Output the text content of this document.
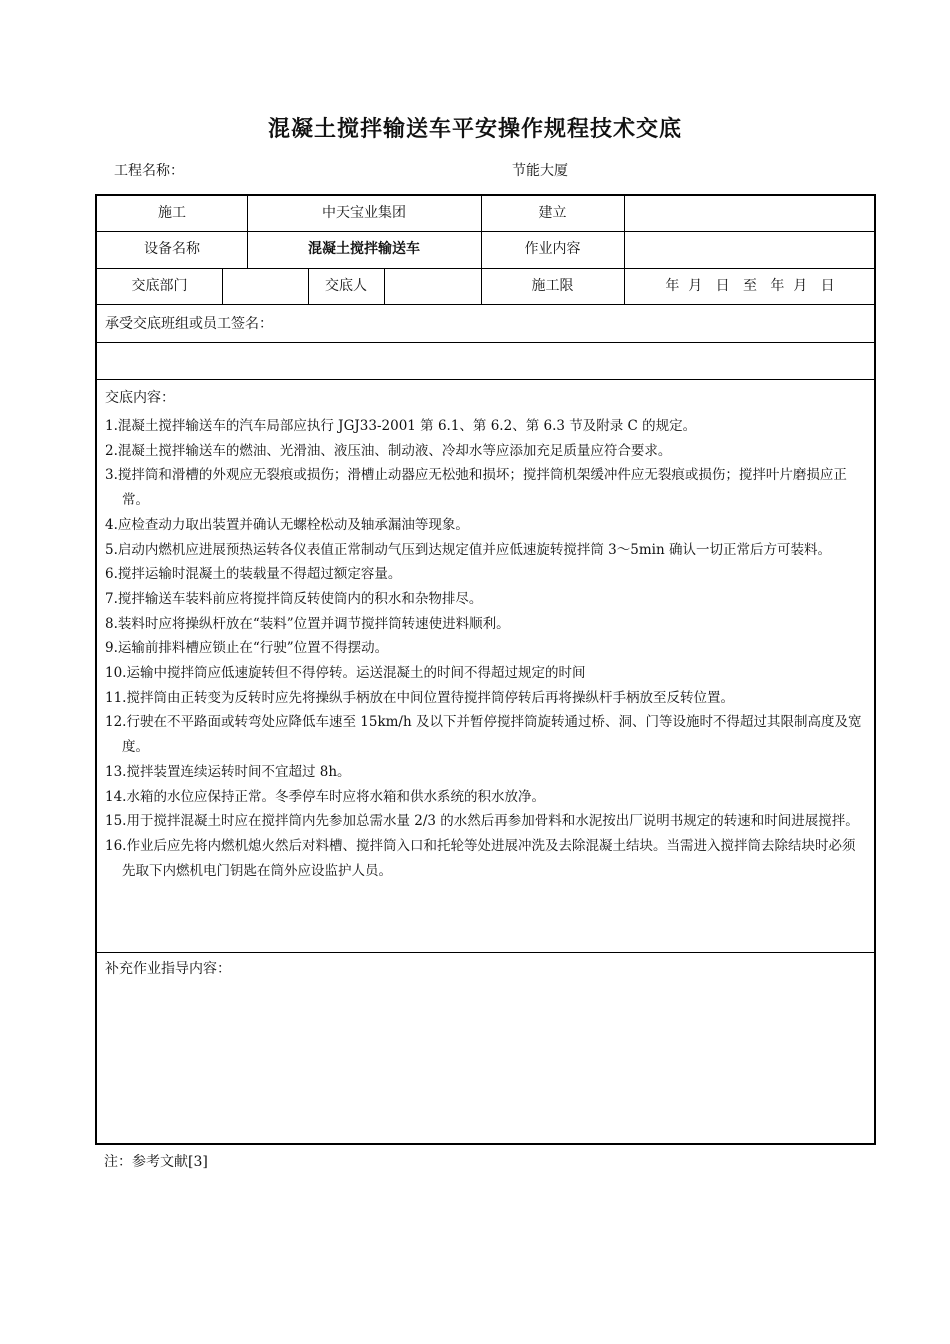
混凝土搅拌输送车平安操作规程技术交底
工程名称：	节能大厦
施工	中天宝业集团	建立
设备名称	混凝土搅拌输送车	作业内容
交底部门	交底人	施工限	年  月   日   至   年  月   日
承受交底班组或员工签名：
交底内容：
1.混凝土搅拌输送车的汽车局部应执行 JGJ33-2001 第 6.1、第 6.2、第 6.3 节及附录 C 的规定。
2.混凝土搅拌输送车的燃油、光滑油、液压油、制动液、冷却水等应添加充足质量应符合要求。
3.搅拌筒和滑槽的外观应无裂痕或损伤；滑槽止动器应无松弛和损坏；搅拌筒机架缓冲件应无裂痕或损伤；搅拌叶片磨损应正常。
4.应检查动力取出装置并确认无螺栓松动及轴承漏油等现象。
5.启动内燃机应进展预热运转各仪表值正常制动气压到达规定值并应低速旋转搅拌筒 3～5min 确认一切正常后方可装料。
6.搅拌运输时混凝土的装载量不得超过额定容量。
7.搅拌输送车装料前应将搅拌筒反转使筒内的积水和杂物排尽。
8.装料时应将操纵杆放在“装料”位置并调节搅拌筒转速使进料顺利。
9.运输前排料槽应锁止在“行驶”位置不得摆动。
10.运输中搅拌筒应低速旋转但不得停转。运送混凝土的时间不得超过规定的时间
11.搅拌筒由正转变为反转时应先将操纵手柄放在中间位置待搅拌筒停转后再将操纵杆手柄放至反转位置。
12.行驶在不平路面或转弯处应降低车速至 15km/h 及以下并暂停搅拌筒旋转通过桥、洞、门等设施时不得超过其限制高度及宽度。
13.搅拌装置连续运转时间不宜超过 8h。
14.水箱的水位应保持正常。冬季停车时应将水箱和供水系统的积水放净。
15.用于搅拌混凝土时应在搅拌筒内先参加总需水量 2/3 的水然后再参加骨料和水泥按出厂说明书规定的转速和时间进展搅拌。
16.作业后应先将内燃机熄火然后对料槽、搅拌筒入口和托轮等处进展冲洗及去除混凝土结块。当需进入搅拌筒去除结块时必须先取下内燃机电门钥匙在筒外应设监护人员。
补充作业指导内容：
注：参考文献[3]
